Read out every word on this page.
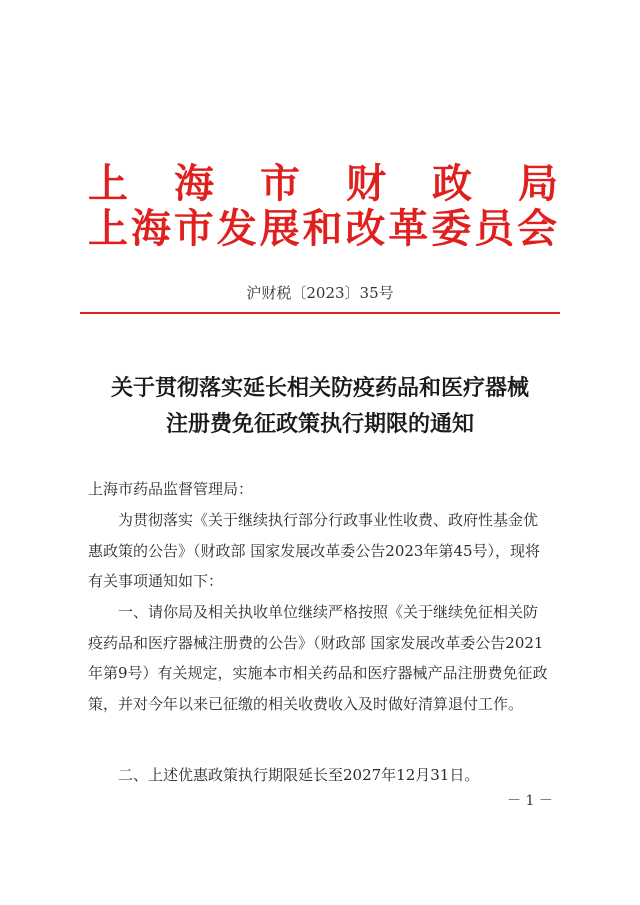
上海市财政局
上海市发展和改革委员会
沪财税〔2023〕35号
关于贯彻落实延长相关防疫药品和医疗器械
注册费免征政策执行期限的通知

上海市药品监督管理局：

为贯彻落实《关于继续执行部分行政事业性收费、政府性基金优惠政策的公告》（财政部 国家发展改革委公告2023年第45号），现将有关事项通知如下：

一、请你局及相关执收单位继续严格按照《关于继续免征相关防疫药品和医疗器械注册费的公告》（财政部 国家发展改革委公告2021年第9号）有关规定，实施本市相关药品和医疗器械产品注册费免征政策，并对今年以来已征缴的相关收费收入及时做好清算退付工作。

二、上述优惠政策执行期限延长至2027年12月31日。

－ 1 －
